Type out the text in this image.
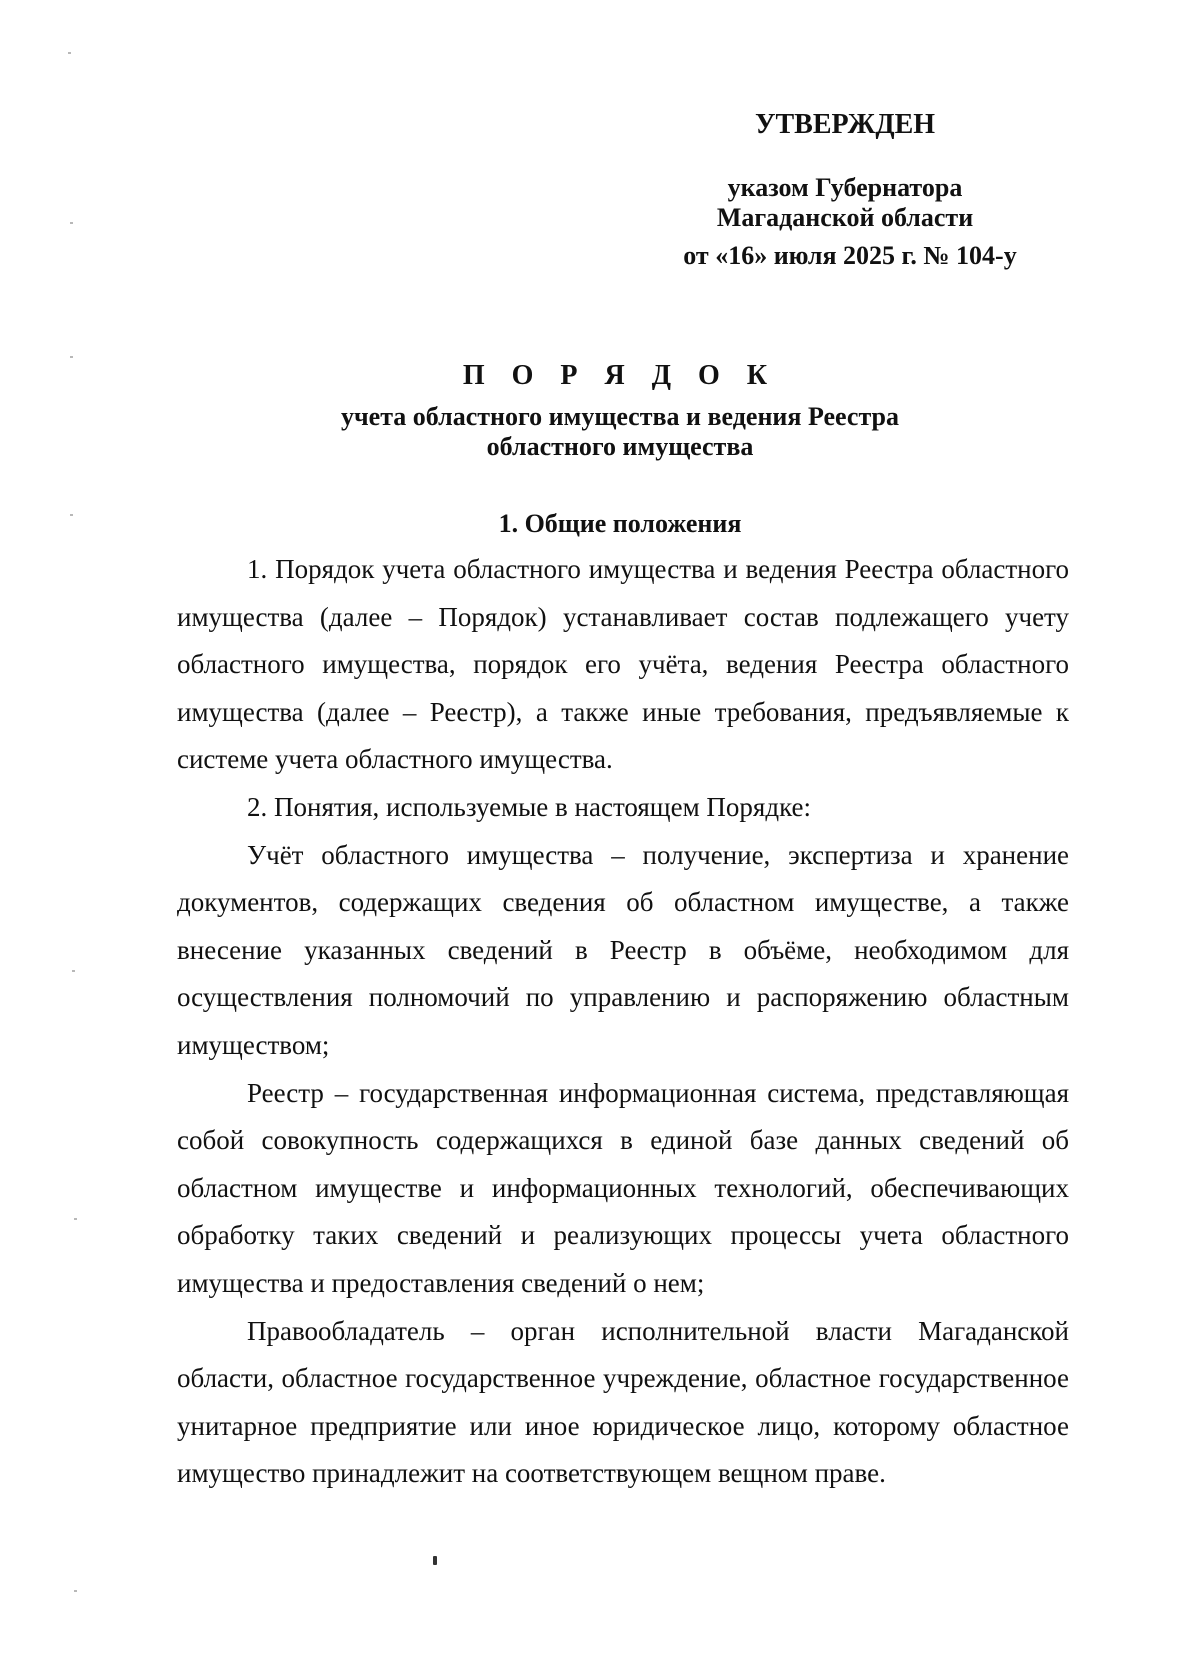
УТВЕРЖДЕН
указом Губернатора
Магаданской области
от «16» июля 2025 г. № 104-у
П О Р Я Д О К
учета областного имущества и ведения Реестра областного имущества
1. Общие положения

1. Порядок учета областного имущества и ведения Реестра областного имущества (далее – Порядок) устанавливает состав подлежащего учету областного имущества, порядок его учёта, ведения Реестра областного имущества (далее – Реестр), а также иные требования, предъявляемые к системе учета областного имущества.

2. Понятия, используемые в настоящем Порядке:

Учёт областного имущества – получение, экспертиза и хранение документов, содержащих сведения об областном имуществе, а также внесение указанных сведений в Реестр в объёме, необходимом для осуществления полномочий по управлению и распоряжению областным имуществом;

Реестр – государственная информационная система, представляющая собой совокупность содержащихся в единой базе данных сведений об областном имуществе и информационных технологий, обеспечивающих обработку таких сведений и реализующих процессы учета областного имущества и предоставления сведений о нем;

Правообладатель – орган исполнительной власти Магаданской области, областное государственное учреждение, областное государственное унитарное предприятие или иное юридическое лицо, которому областное имущество принадлежит на соответствующем вещном праве.
